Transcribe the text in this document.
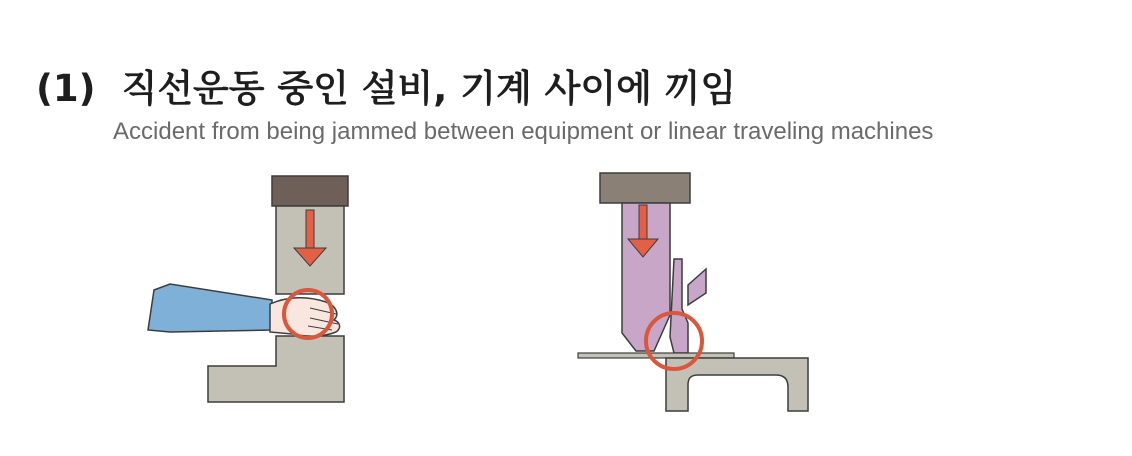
(1) 직선운동 중인 설비, 기계 사이에 끼임
Accident from being jammed between equipment or linear traveling machines
